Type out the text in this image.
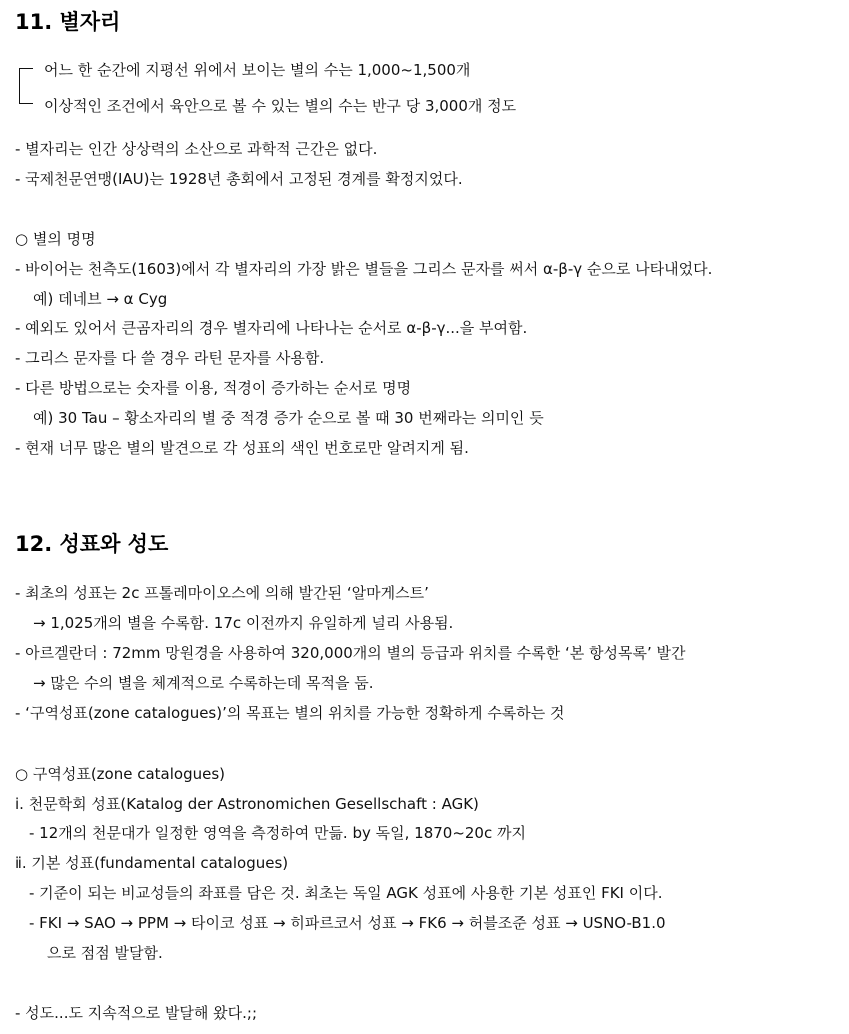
11. 별자리
어느 한 순간에 지평선 위에서 보이는 별의 수는 1,000~1,500개
이상적인 조건에서 육안으로 볼 수 있는 별의 수는 반구 당 3,000개 정도
- 별자리는 인간 상상력의 소산으로 과학적 근간은 없다.
- 국제천문연맹(IAU)는 1928년 총회에서 고정된 경계를 확정지었다.
○ 별의 명명
- 바이어는 천측도(1603)에서 각 별자리의 가장 밝은 별들을 그리스 문자를 써서 α-β-γ 순으로 나타내었다.
예) 데네브 → α Cyg
- 예외도 있어서 큰곰자리의 경우 별자리에 나타나는 순서로 α-β-γ...을 부여함.
- 그리스 문자를 다 쓸 경우 라틴 문자를 사용함.
- 다른 방법으로는 숫자를 이용, 적경이 증가하는 순서로 명명
예) 30 Tau – 황소자리의 별 중 적경 증가 순으로 볼 때 30 번째라는 의미인 듯
- 현재 너무 많은 별의 발견으로 각 성표의 색인 번호로만 알려지게 됨.
12. 성표와 성도
- 최초의 성표는 2c 프톨레마이오스에 의해 발간된 ‘알마게스트’
→ 1,025개의 별을 수록함. 17c 이전까지 유일하게 널리 사용됨.
- 아르겔란더 : 72mm 망원경을 사용하여 320,000개의 별의 등급과 위치를 수록한 ‘본 항성목록’ 발간
→ 많은 수의 별을 체계적으로 수록하는데 목적을 둠.
- ‘구역성표(zone catalogues)’의 목표는 별의 위치를 가능한 정확하게 수록하는 것
○ 구역성표(zone catalogues)
ⅰ. 천문학회 성표(Katalog der Astronomichen Gesellschaft : AGK)
- 12개의 천문대가 일정한 영역을 측정하여 만듦. by 독일, 1870~20c 까지
ⅱ. 기본 성표(fundamental catalogues)
- 기준이 되는 비교성들의 좌표를 담은 것. 최초는 독일 AGK 성표에 사용한 기본 성표인 FKI 이다.
- FKI → SAO → PPM → 타이코 성표 → 히파르코서 성표 → FK6 → 허블조준 성표 → USNO-B1.0
으로 점점 발달함.
- 성도...도 지속적으로 발달해 왔다.;;
